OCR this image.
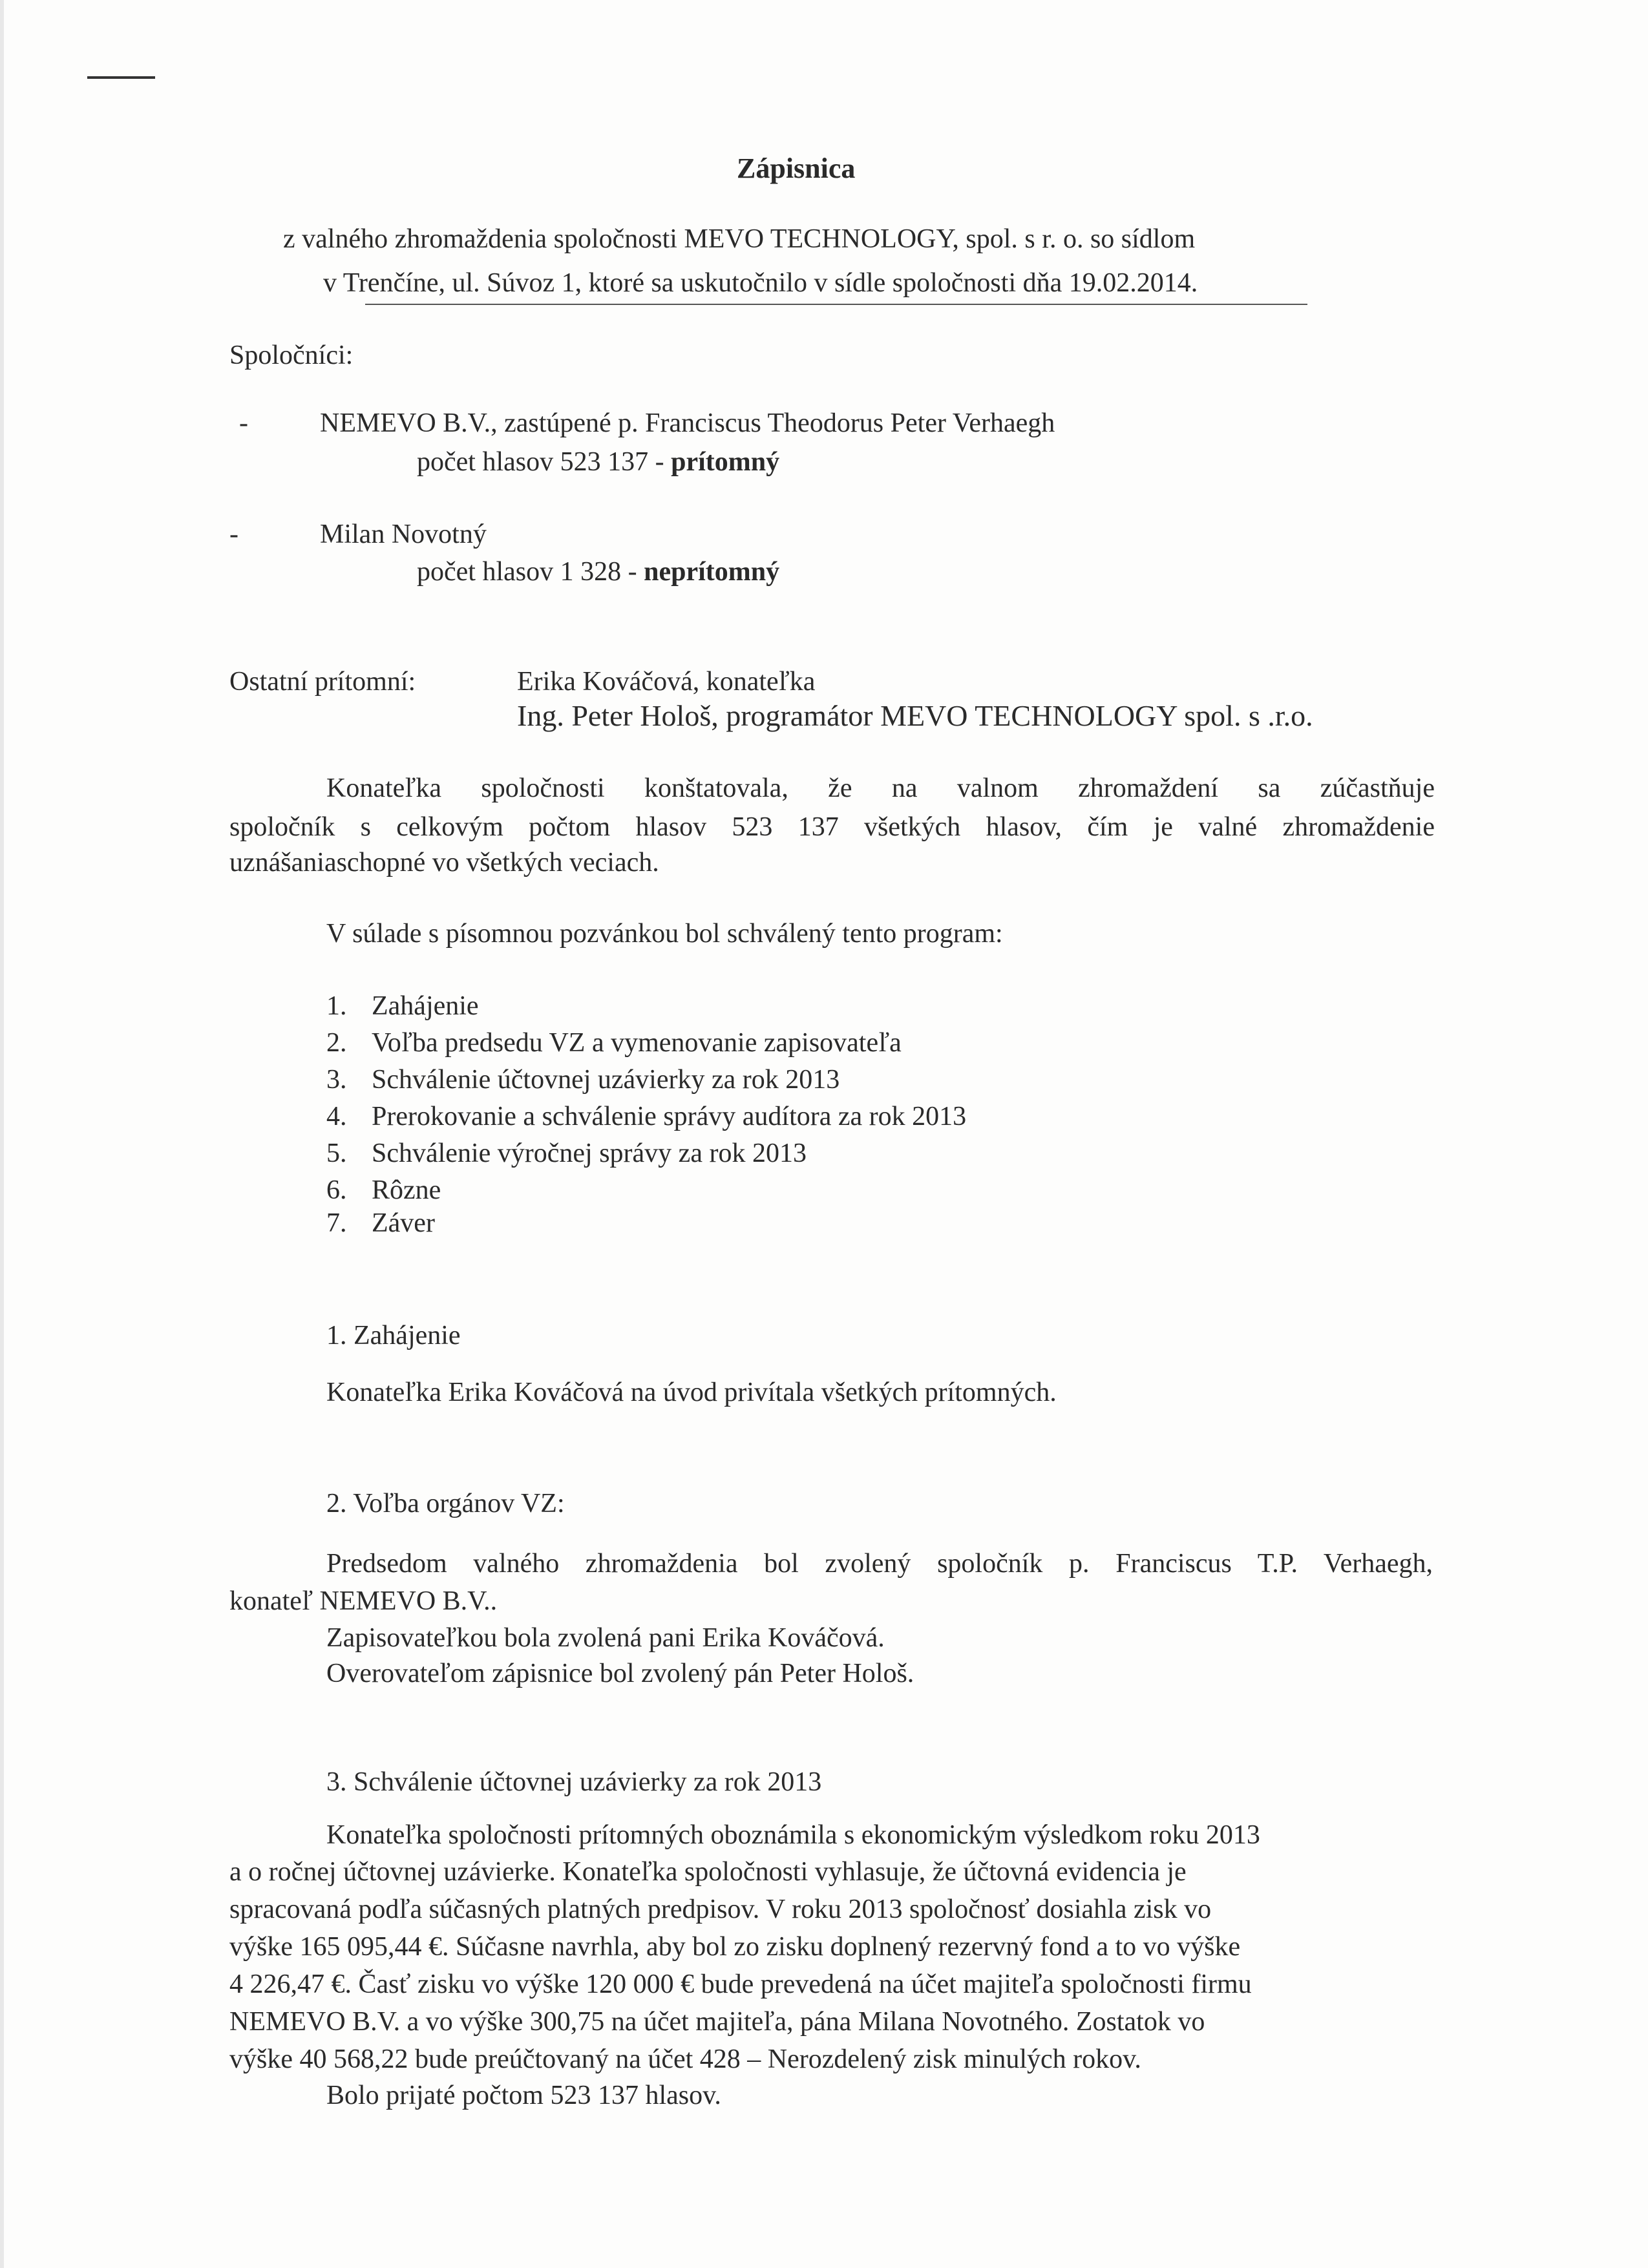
Zápisnica
z valného zhromaždenia spoločnosti MEVO TECHNOLOGY, spol. s r. o. so sídlom
v Trenčíne, ul. Súvoz 1, ktoré sa uskutočnilo v sídle spoločnosti dňa 19.02.2014.
Spoločníci:
-	NEMEVO B.V., zastúpené p. Franciscus Theodorus Peter Verhaegh
počet hlasov 523 137 - prítomný
-	Milan Novotný
počet hlasov 1 328 - neprítomný
Ostatní prítomní:	Erika Kováčová, konateľka
Ing. Peter Hološ, programátor MEVO TECHNOLOGY spol. s .r.o.
Konateľka spoločnosti konštatovala, že na valnom zhromaždení sa zúčastňuje
spoločník s celkovým počtom hlasov 523 137 všetkých hlasov, čím je valné zhromaždenie
uznášaniaschopné vo všetkých veciach.
V súlade s písomnou pozvánkou bol schválený tento program:
1. Zahájenie
2. Voľba predsedu VZ a vymenovanie zapisovateľa
3. Schválenie účtovnej uzávierky za rok 2013
4. Prerokovanie a schválenie správy audítora za rok 2013
5. Schválenie výročnej správy za rok 2013
6. Rôzne
7. Záver
1. Zahájenie
Konateľka Erika Kováčová na úvod privítala všetkých prítomných.
2. Voľba orgánov VZ:
Predsedom valného zhromaždenia bol zvolený spoločník p. Franciscus T.P. Verhaegh,
konateľ NEMEVO B.V..
Zapisovateľkou bola zvolená pani Erika Kováčová.
Overovateľom zápisnice bol zvolený pán Peter Hološ.
3. Schválenie účtovnej uzávierky za rok 2013
Konateľka spoločnosti prítomných oboznámila s ekonomickým výsledkom roku 2013
a o ročnej účtovnej uzávierke. Konateľka spoločnosti vyhlasuje, že účtovná evidencia je
spracovaná podľa súčasných platných predpisov. V roku 2013 spoločnosť dosiahla zisk vo
výške 165 095,44 €. Súčasne navrhla, aby bol zo zisku doplnený rezervný fond a to vo výške
4 226,47 €. Časť zisku vo výške 120 000 € bude prevedená na účet majiteľa spoločnosti firmu
NEMEVO B.V. a vo výške 300,75 na účet majiteľa, pána Milana Novotného. Zostatok vo
výške 40 568,22 bude preúčtovaný na účet 428 – Nerozdelený zisk minulých rokov.
Bolo prijaté počtom 523 137 hlasov.
